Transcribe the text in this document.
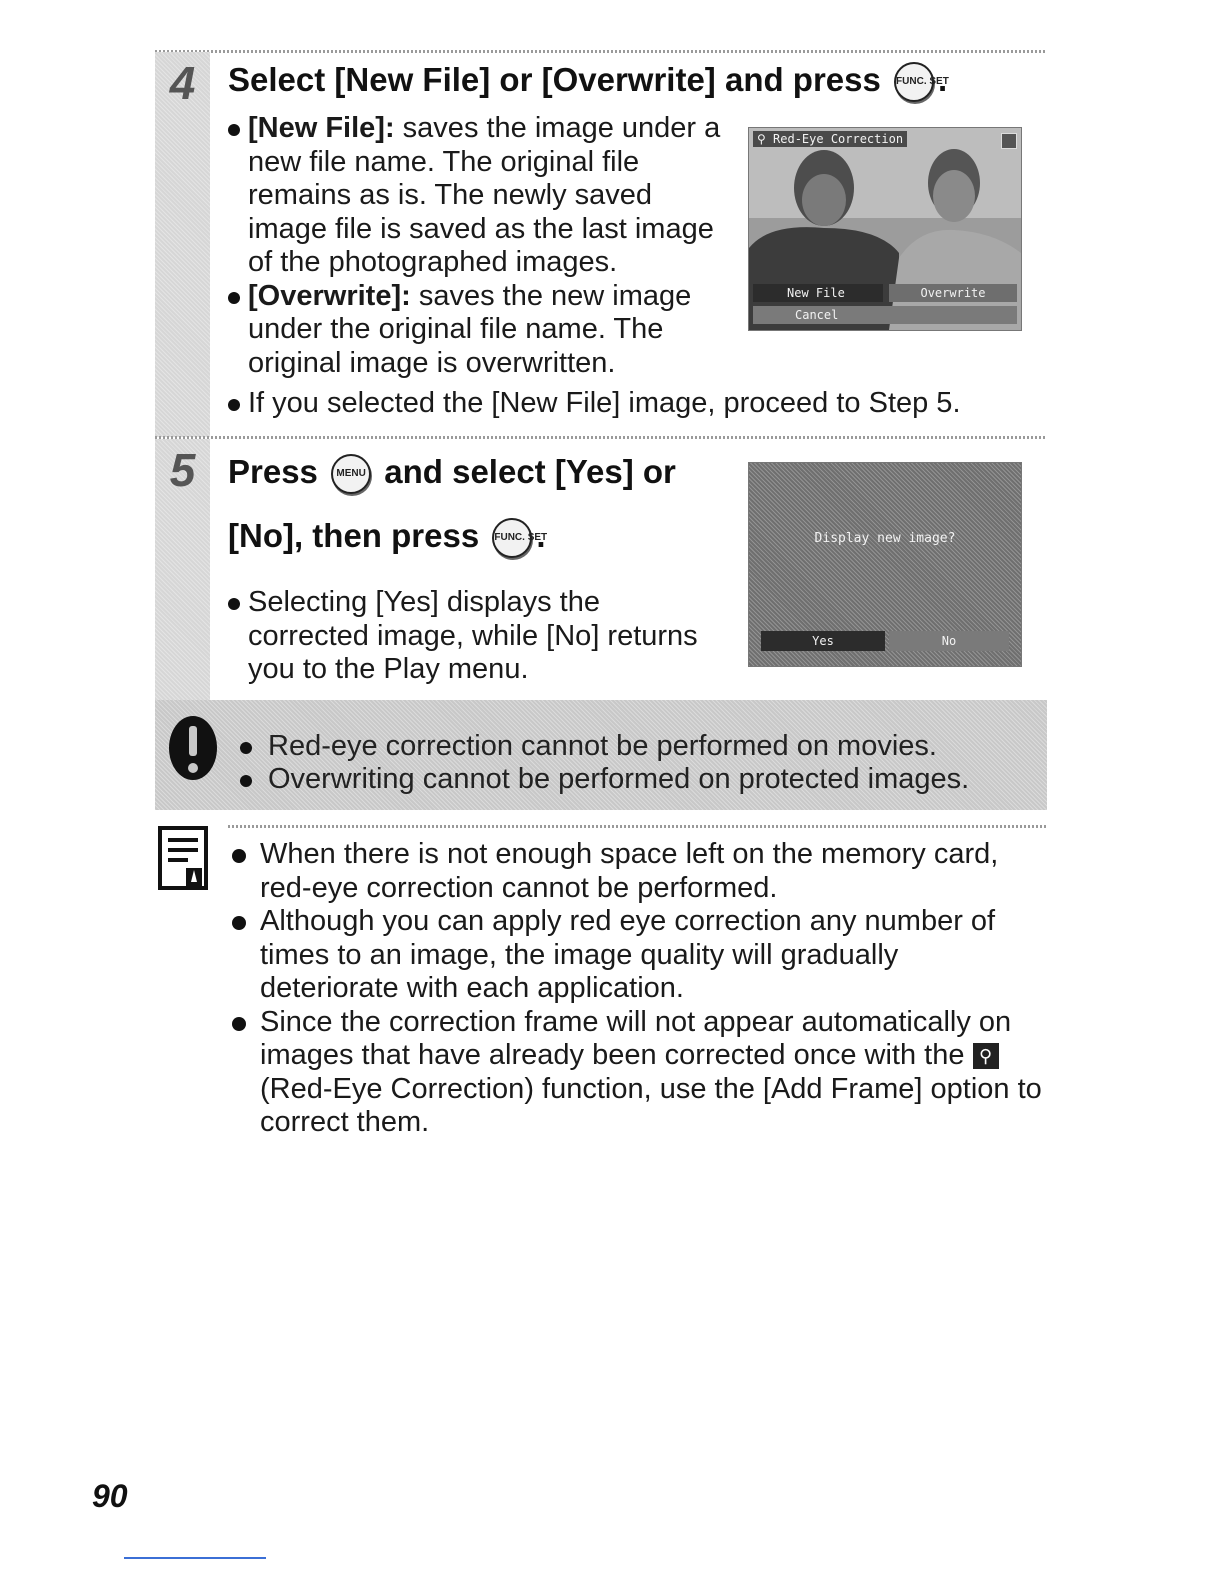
4 Select [New File] or [Overwrite] and press FUNC. SET
.
[New File]: saves the image under a new file name. The original file remains as is. The newly saved image file is saved as the last image of the photographed images.
[Overwrite]: saves the new image under the original file name. The original image is overwritten.
If you selected the [New File] image, proceed to Step 5.
⚲ Red-Eye Correction
New File	Overwrite
Cancel
5 Press	MENU and select [Yes] or
[No], then press FUNC. SET
.
Selecting [Yes] displays the corrected image, while [No] returns you to the Play menu.
Display new image?
Yes	No
Red-eye correction cannot be performed on movies.
Overwriting cannot be performed on protected images.
When there is not enough space left on the memory card, red-eye correction cannot be performed.
Although you can apply red eye correction any number of times to an image, the image quality will gradually deteriorate with each application.
Since the correction frame will not appear automatically on images that have already been corrected once with the ⚲ (Red-Eye Correction) function, use the [Add Frame] option to correct them.
90
